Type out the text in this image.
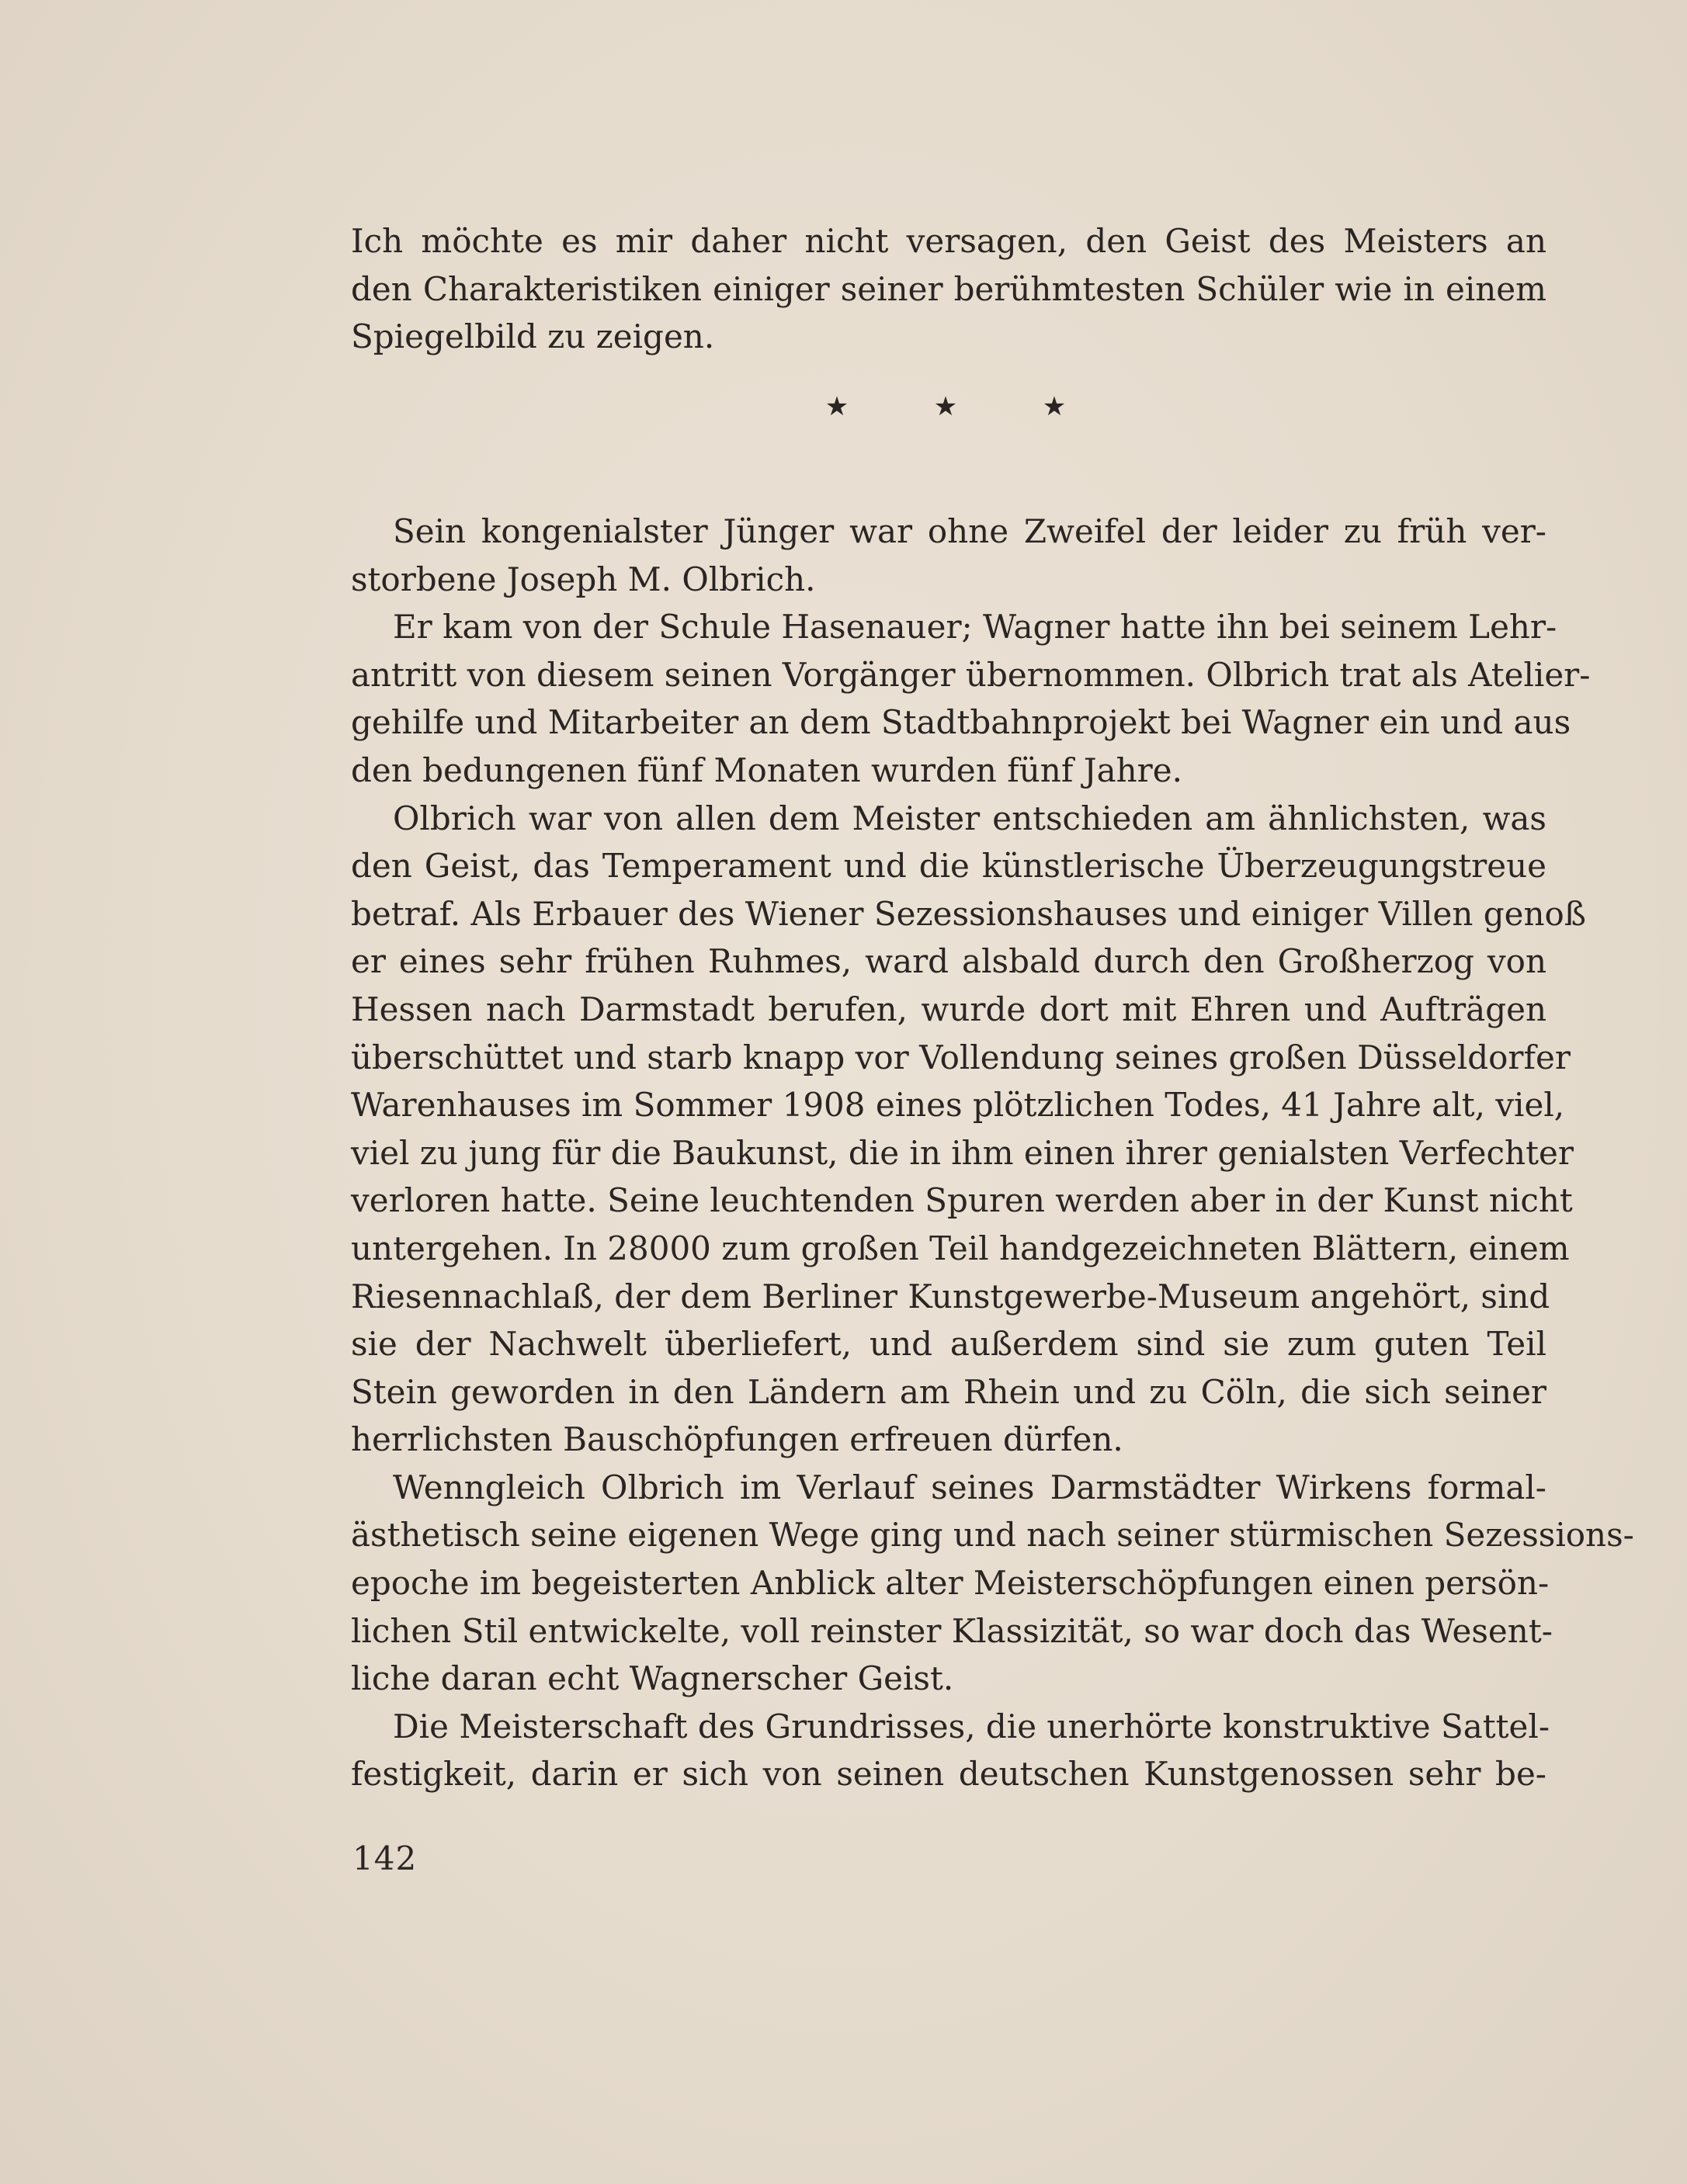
Ich möchte es mir daher nicht versagen, den Geist des Meisters an
den Charakteristiken einiger seiner berühmtesten Schüler wie in einem
Spiegelbild zu zeigen.
★	★	★
Sein kongenialster Jünger war ohne Zweifel der leider zu früh ver-
storbene Joseph M. Olbrich.
Er kam von der Schule Hasenauer; Wagner hatte ihn bei seinem Lehr-
antritt von diesem seinen Vorgänger übernommen. Olbrich trat als Atelier-
gehilfe und Mitarbeiter an dem Stadtbahnprojekt bei Wagner ein und aus
den bedungenen fünf Monaten wurden fünf Jahre.
Olbrich war von allen dem Meister entschieden am ähnlichsten, was
den Geist, das Temperament und die künstlerische Überzeugungstreue
betraf. Als Erbauer des Wiener Sezessionshauses und einiger Villen genoß
er eines sehr frühen Ruhmes, ward alsbald durch den Großherzog von
Hessen nach Darmstadt berufen, wurde dort mit Ehren und Aufträgen
überschüttet und starb knapp vor Vollendung seines großen Düsseldorfer
Warenhauses im Sommer 1908 eines plötzlichen Todes, 41 Jahre alt, viel,
viel zu jung für die Baukunst, die in ihm einen ihrer genialsten Verfechter
verloren hatte. Seine leuchtenden Spuren werden aber in der Kunst nicht
untergehen. In 28000 zum großen Teil handgezeichneten Blättern, einem
Riesennachlaß, der dem Berliner Kunstgewerbe-Museum angehört, sind
sie der Nachwelt überliefert, und außerdem sind sie zum guten Teil
Stein geworden in den Ländern am Rhein und zu Cöln, die sich seiner
herrlichsten Bauschöpfungen erfreuen dürfen.
Wenngleich Olbrich im Verlauf seines Darmstädter Wirkens formal-
ästhetisch seine eigenen Wege ging und nach seiner stürmischen Sezessions-
epoche im begeisterten Anblick alter Meisterschöpfungen einen persön-
lichen Stil entwickelte, voll reinster Klassizität, so war doch das Wesent-
liche daran echt Wagnerscher Geist.
Die Meisterschaft des Grundrisses, die unerhörte konstruktive Sattel-
festigkeit, darin er sich von seinen deutschen Kunstgenossen sehr be-
142
